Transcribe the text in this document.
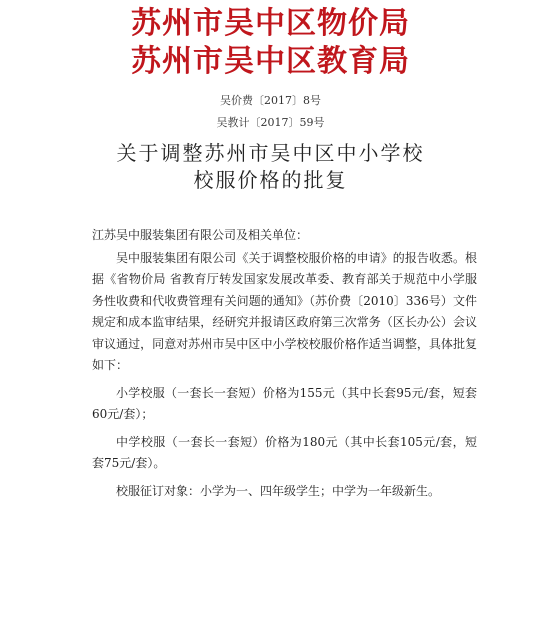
苏州市吴中区物价局
苏州市吴中区教育局
吴价费〔2017〕8号
吴教计〔2017〕59号
关于调整苏州市吴中区中小学校
校服价格的批复

江苏吴中服装集团有限公司及相关单位：

吴中服装集团有限公司《关于调整校服价格的申请》的报告收悉。根据《省物价局 省教育厅转发国家发展改革委、教育部关于规范中小学服务性收费和代收费管理有关问题的通知》（苏价费〔2010〕336号）文件规定和成本监审结果，经研究并报请区政府第三次常务（区长办公）会议审议通过，同意对苏州市吴中区中小学校校服价格作适当调整，具体批复如下：

小学校服（一套长一套短）价格为155元（其中长套95元/套，短套60元/套）；

中学校服（一套长一套短）价格为180元（其中长套105元/套，短套75元/套）。

校服征订对象：小学为一、四年级学生；中学为一年级新生。
